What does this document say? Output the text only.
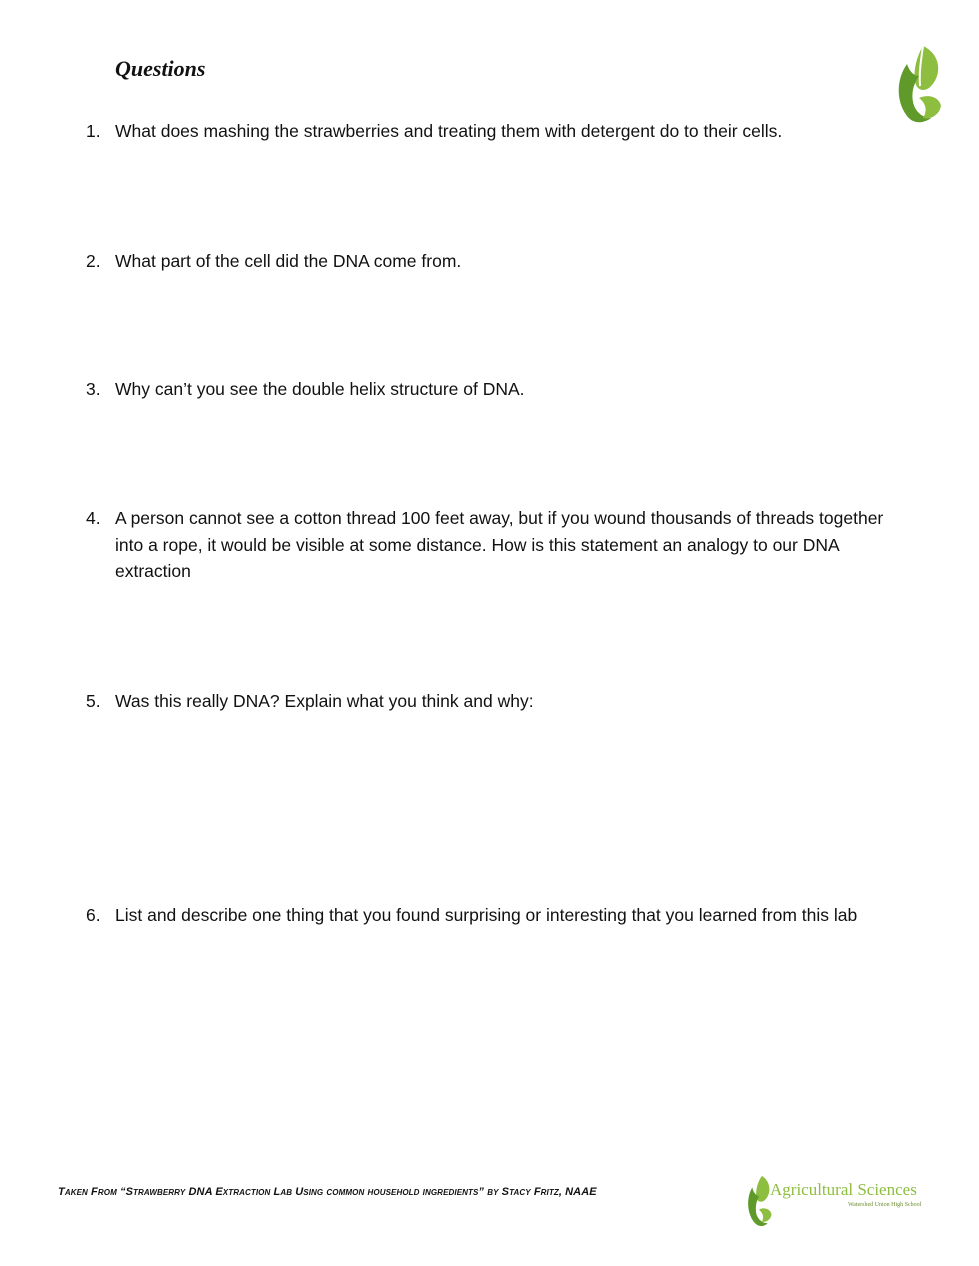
Questions
1. What does mashing the strawberries and treating them with detergent do to their cells.
2. What part of the cell did the DNA come from.
3. Why can’t you see the double helix structure of DNA.
4. A person cannot see a cotton thread 100 feet away, but if you wound thousands of threads together into a rope, it would be visible at some distance. How is this statement an analogy to our DNA extraction
5. Was this really DNA? Explain what you think and why:
6. List and describe one thing that you found surprising or interesting that you learned from this lab
Taken From “Strawberry DNA Extraction Lab Using common household ingredients” by Stacy Fritz, NAAE	Agricultural Sciences
Watershed Union High School
